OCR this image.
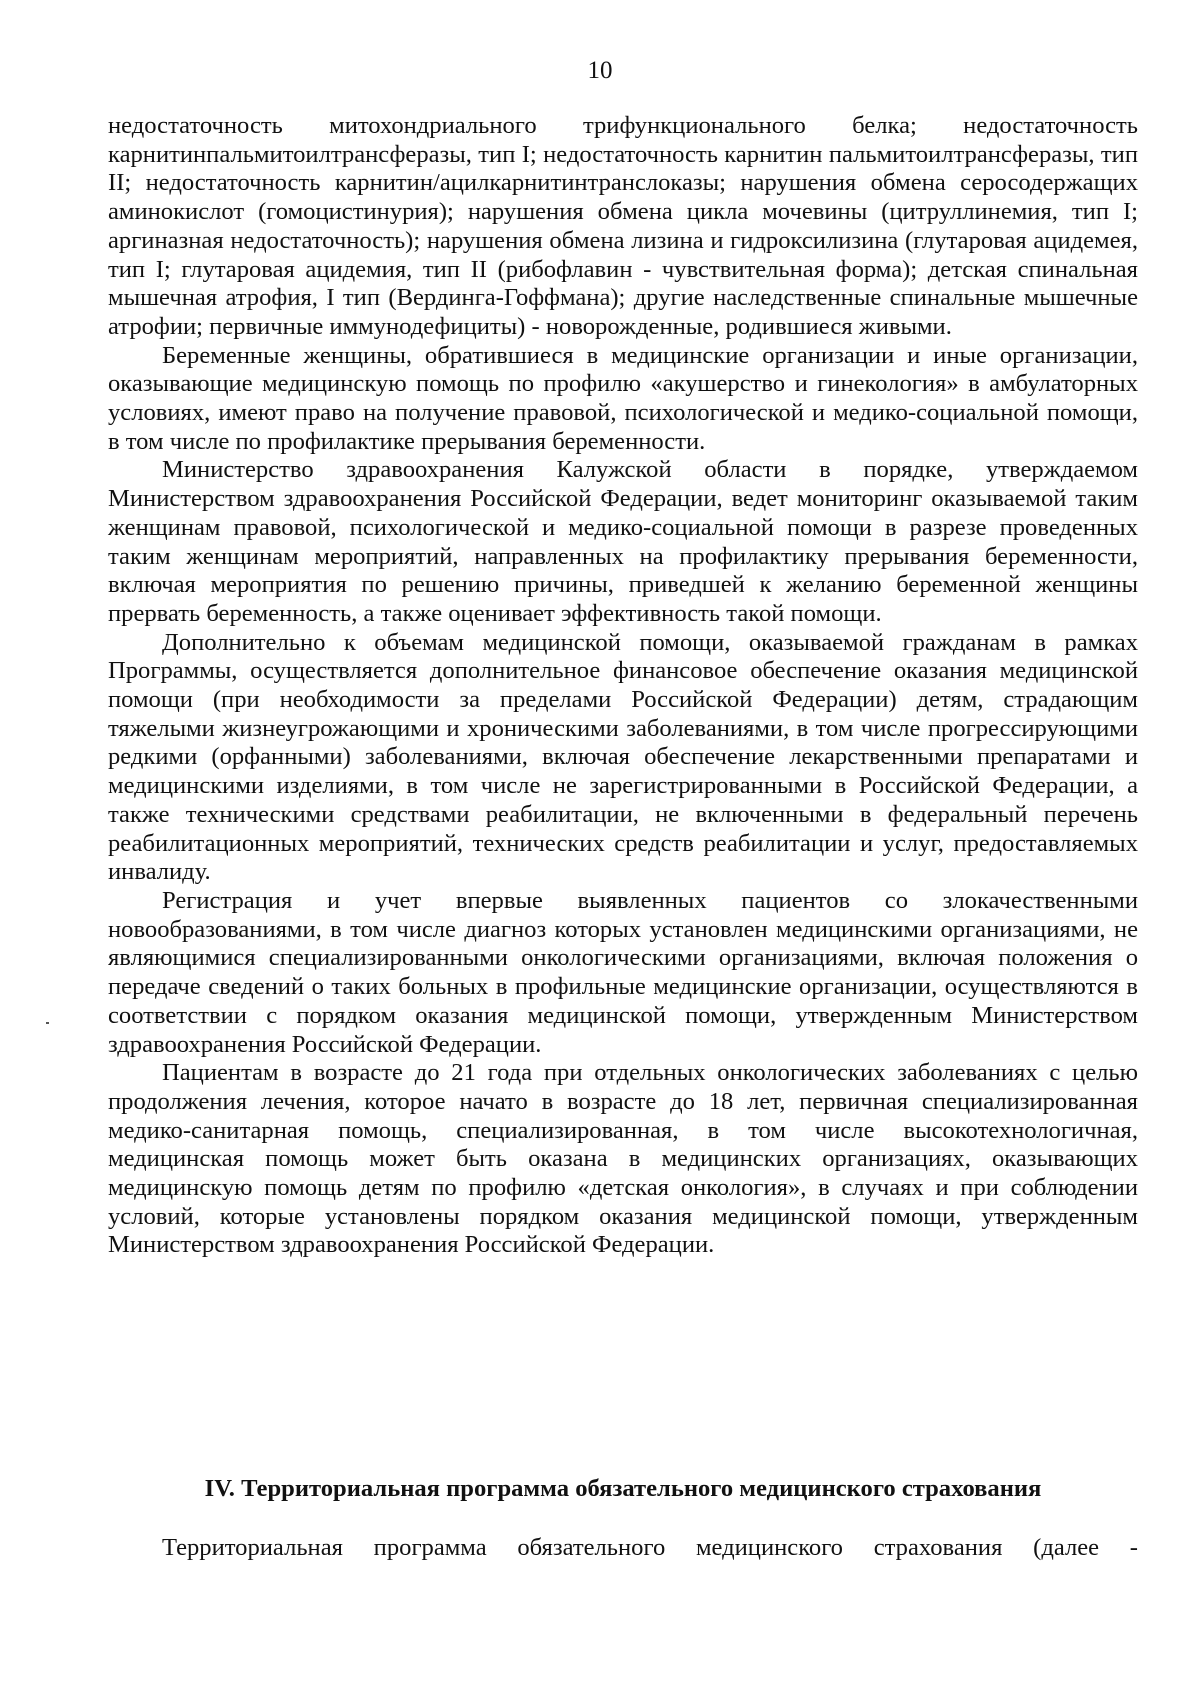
10

недостаточность митохондриального трифункционального белка; недостаточность карнитинпальмитоилтрансферазы, тип I; недостаточность карнитин пальмитоилтрансферазы, тип II; недостаточность карнитин/ацилкарнитинтранслоказы; нарушения обмена серосодержащих аминокислот (гомоцистинурия); нарушения обмена цикла мочевины (цитруллинемия, тип I; аргиназная недостаточность); нарушения обмена лизина и гидроксилизина (глутаровая ацидемея, тип I; глутаровая ацидемия, тип II (рибофлавин - чувствительная форма); детская спинальная мышечная атрофия, I тип (Вердинга-Гоффмана); другие наследственные спинальные мышечные атрофии; первичные иммунодефициты) - новорожденные, родившиеся живыми.

Беременные женщины, обратившиеся в медицинские организации и иные организации, оказывающие медицинскую помощь по профилю «акушерство и гинекология» в амбулаторных условиях, имеют право на получение правовой, психологической и медико-социальной помощи, в том числе по профилактике прерывания беременности.

Министерство здравоохранения Калужской области в порядке, утверждаемом Министерством здравоохранения Российской Федерации, ведет мониторинг оказываемой таким женщинам правовой, психологической и медико-социальной помощи в разрезе проведенных таким женщинам мероприятий, направленных на профилактику прерывания беременности, включая мероприятия по решению причины, приведшей к желанию беременной женщины прервать беременность, а также оценивает эффективность такой помощи.

Дополнительно к объемам медицинской помощи, оказываемой гражданам в рамках Программы, осуществляется дополнительное финансовое обеспечение оказания медицинской помощи (при необходимости за пределами Российской Федерации) детям, страдающим тяжелыми жизнеугрожающими и хроническими заболеваниями, в том числе прогрессирующими редкими (орфанными) заболеваниями, включая обеспечение лекарственными препаратами и медицинскими изделиями, в том числе не зарегистрированными в Российской Федерации, а также техническими средствами реабилитации, не включенными в федеральный перечень реабилитационных мероприятий, технических средств реабилитации и услуг, предоставляемых инвалиду.

Регистрация и учет впервые выявленных пациентов со злокачественными новообразованиями, в том числе диагноз которых установлен медицинскими организациями, не являющимися специализированными онкологическими организациями, включая положения о передаче сведений о таких больных в профильные медицинские организации, осуществляются в соответствии с порядком оказания медицинской помощи, утвержденным Министерством здравоохранения Российской Федерации.

Пациентам в возрасте до 21 года при отдельных онкологических заболеваниях с целью продолжения лечения, которое начато в возрасте до 18 лет, первичная специализированная медико-санитарная помощь, специализированная, в том числе высокотехнологичная, медицинская помощь может быть оказана в медицинских организациях, оказывающих медицинскую помощь детям по профилю «детская онкология», в случаях и при соблюдении условий, которые установлены порядком оказания медицинской помощи, утвержденным Министерством здравоохранения Российской Федерации.

IV. Территориальная программа обязательного медицинского страхования
Территориальная программа обязательного медицинского страхования (далее -
